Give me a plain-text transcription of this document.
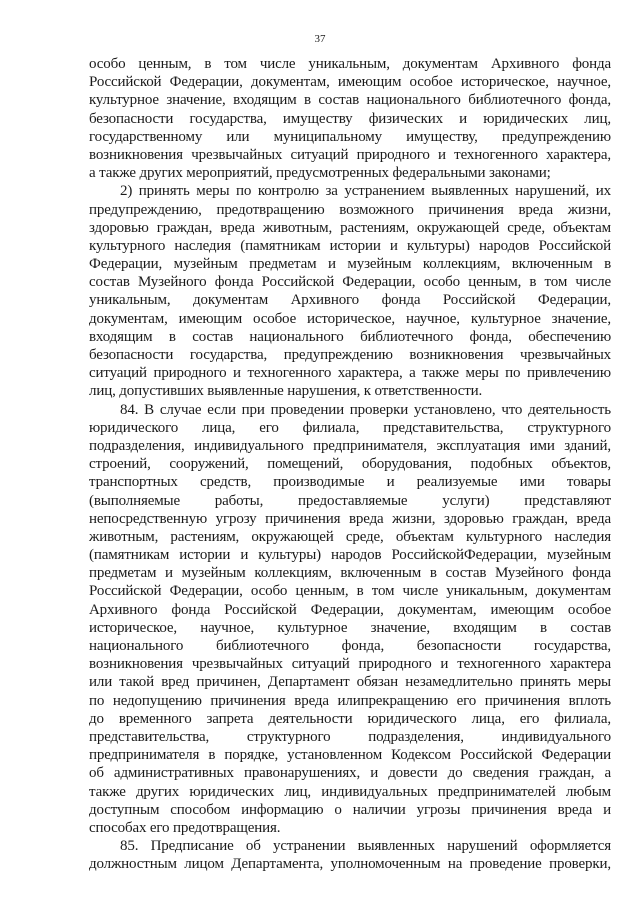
37
особо ценным, в том числе уникальным, документам Архивного фонда
Российской Федерации, документам, имеющим особое историческое, научное,
культурное значение, входящим в состав национального библиотечного фонда,
безопасности государства, имуществу физических и юридических лиц,
государственному или муниципальному имуществу, предупреждению
возникновения чрезвычайных ситуаций природного и техногенного характера,
а также других мероприятий, предусмотренных федеральными законами;
2) принять меры по контролю за устранением выявленных нарушений, их
предупреждению, предотвращению возможного причинения вреда жизни,
здоровью граждан, вреда животным, растениям, окружающей среде, объектам
культурного наследия (памятникам истории и культуры) народов Российской
Федерации, музейным предметам и музейным коллекциям, включенным в
состав Музейного фонда Российской Федерации, особо ценным, в том числе
уникальным, документам Архивного фонда Российской Федерации,
документам, имеющим особое историческое, научное, культурное значение,
входящим в состав национального библиотечного фонда, обеспечению
безопасности государства, предупреждению возникновения чрезвычайных
ситуаций природного и техногенного характера, а также меры по привлечению
лиц, допустивших выявленные нарушения, к ответственности.
84. В случае если при проведении проверки установлено, что деятельность
юридического лица, его филиала, представительства, структурного
подразделения, индивидуального предпринимателя, эксплуатация ими зданий,
строений, сооружений, помещений, оборудования, подобных объектов,
транспортных средств, производимые и реализуемые ими товары
(выполняемые работы, предоставляемые услуги) представляют
непосредственную угрозу причинения вреда жизни, здоровью граждан, вреда
животным, растениям, окружающей среде, объектам культурного наследия
(памятникам истории и культуры) народов РоссийскойФедерации, музейным
предметам и музейным коллекциям, включенным в состав Музейного фонда
Российской Федерации, особо ценным, в том числе уникальным, документам
Архивного фонда Российской Федерации, документам, имеющим особое
историческое, научное, культурное значение, входящим в состав
национального библиотечного фонда, безопасности государства,
возникновения чрезвычайных ситуаций природного и техногенного характера
или такой вред причинен, Департамент обязан незамедлительно принять меры
по недопущению причинения вреда илипрекращению его причинения вплоть
до временного запрета деятельности юридического лица, его филиала,
представительства, структурного подразделения, индивидуального
предпринимателя в порядке, установленном Кодексом Российской Федерации
об административных правонарушениях, и довести до сведения граждан, а
также других юридических лиц, индивидуальных предпринимателей любым
доступным способом информацию о наличии угрозы причинения вреда и
способах его предотвращения.
85. Предписание об устранении выявленных нарушений оформляется
должностным лицом Департамента, уполномоченным на проведение проверки,
